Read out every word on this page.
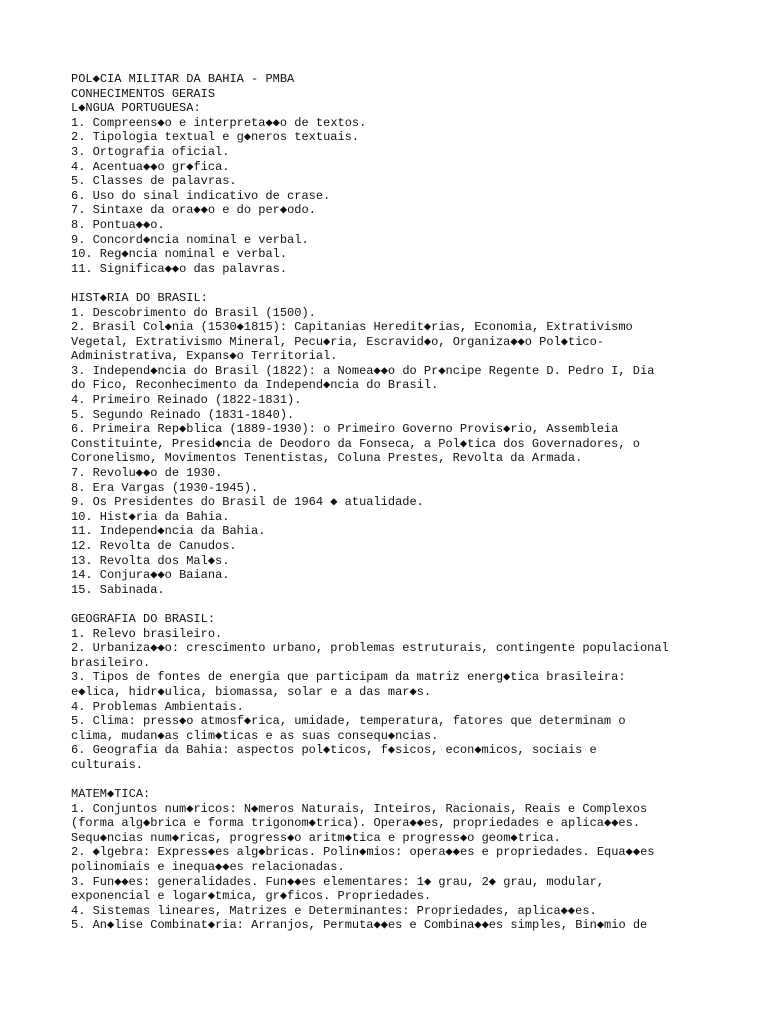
POL◆CIA MILITAR DA BAHIA - PMBA
CONHECIMENTOS GERAIS
L◆NGUA PORTUGUESA:
1. Compreens◆o e interpreta◆◆o de textos.
2. Tipologia textual e g◆neros textuais.
3. Ortografia oficial.
4. Acentua◆◆o gr◆fica.
5. Classes de palavras.
6. Uso do sinal indicativo de crase.
7. Sintaxe da ora◆◆o e do per◆odo.
8. Pontua◆◆o.
9. Concord◆ncia nominal e verbal.
10. Reg◆ncia nominal e verbal.
11. Significa◆◆o das palavras.
HIST◆RIA DO BRASIL:
1. Descobrimento do Brasil (1500).
2. Brasil Col◆nia (1530◆1815): Capitanias Heredit◆rias, Economia, Extrativismo
Vegetal, Extrativismo Mineral, Pecu◆ria, Escravid◆o, Organiza◆◆o Pol◆tico-
Administrativa, Expans◆o Territorial.
3. Independ◆ncia do Brasil (1822): a Nomea◆◆o do Pr◆ncipe Regente D. Pedro I, Dia
do Fico, Reconhecimento da Independ◆ncia do Brasil.
4. Primeiro Reinado (1822-1831).
5. Segundo Reinado (1831-1840).
6. Primeira Rep◆blica (1889-1930): o Primeiro Governo Provis◆rio, Assembleia
Constituinte, Presid◆ncia de Deodoro da Fonseca, a Pol◆tica dos Governadores, o
Coronelismo, Movimentos Tenentistas, Coluna Prestes, Revolta da Armada.
7. Revolu◆◆o de 1930.
8. Era Vargas (1930-1945).
9. Os Presidentes do Brasil de 1964 ◆ atualidade.
10. Hist◆ria da Bahia.
11. Independ◆ncia da Bahia.
12. Revolta de Canudos.
13. Revolta dos Mal◆s.
14. Conjura◆◆o Baiana.
15. Sabinada.
GEOGRAFIA DO BRASIL:
1. Relevo brasileiro.
2. Urbaniza◆◆o: crescimento urbano, problemas estruturais, contingente populacional
brasileiro.
3. Tipos de fontes de energia que participam da matriz energ◆tica brasileira:
e◆lica, hidr◆ulica, biomassa, solar e a das mar◆s.
4. Problemas Ambientais.
5. Clima: press◆o atmosf◆rica, umidade, temperatura, fatores que determinam o
clima, mudan◆as clim◆ticas e as suas consequ◆ncias.
6. Geografia da Bahia: aspectos pol◆ticos, f◆sicos, econ◆micos, sociais e
culturais.
MATEM◆TICA:
1. Conjuntos num◆ricos: N◆meros Naturais, Inteiros, Racionais, Reais e Complexos
(forma alg◆brica e forma trigonom◆trica). Opera◆◆es, propriedades e aplica◆◆es.
Sequ◆ncias num◆ricas, progress◆o aritm◆tica e progress◆o geom◆trica.
2. ◆lgebra: Express◆es alg◆bricas. Polin◆mios: opera◆◆es e propriedades. Equa◆◆es
polinomiais e inequa◆◆es relacionadas.
3. Fun◆◆es: generalidades. Fun◆◆es elementares: 1◆ grau, 2◆ grau, modular,
exponencial e logar◆tmica, gr◆ficos. Propriedades.
4. Sistemas lineares, Matrizes e Determinantes: Propriedades, aplica◆◆es.
5. An◆lise Combinat◆ria: Arranjos, Permuta◆◆es e Combina◆◆es simples, Bin◆mio de
